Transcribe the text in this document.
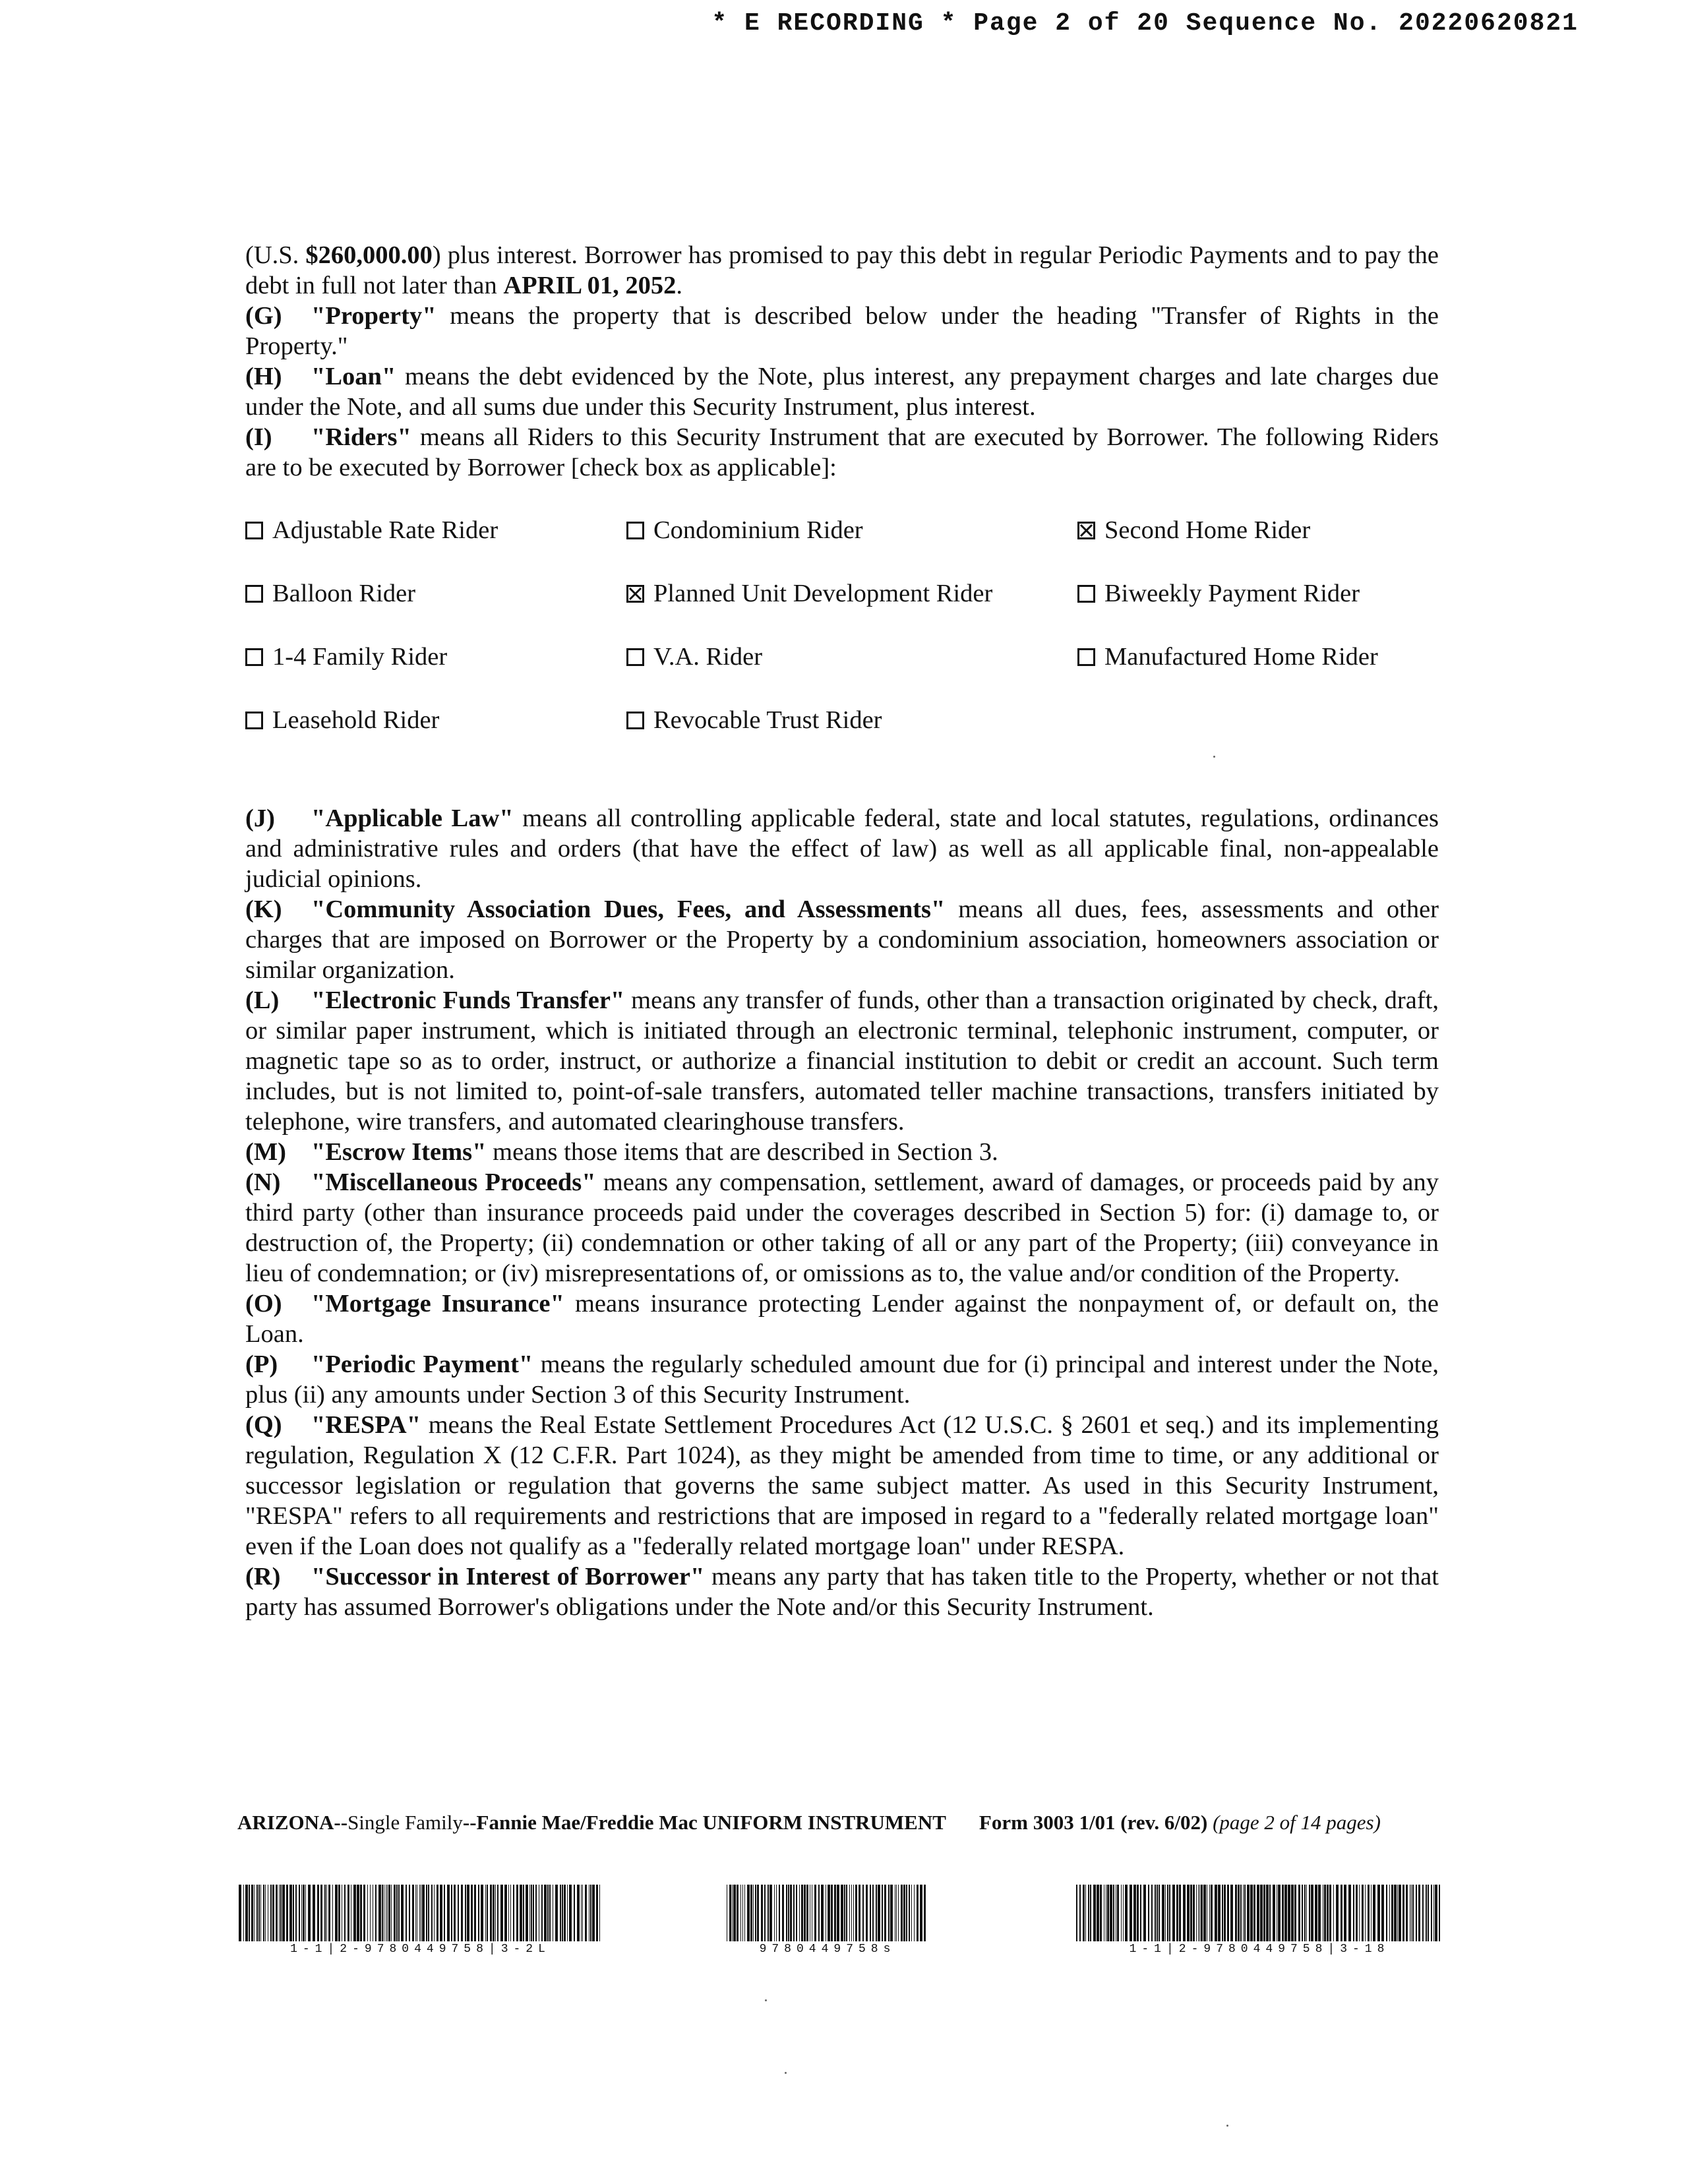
* E RECORDING * Page 2 of 20 Sequence No. 20220620821

(U.S. $260,000.00) plus interest. Borrower has promised to pay this debt in regular Periodic Payments and to pay the debt in full not later than APRIL 01, 2052.

(G) "Property" means the property that is described below under the heading "Transfer of Rights in the Property."

(H) "Loan" means the debt evidenced by the Note, plus interest, any prepayment charges and late charges due under the Note, and all sums due under this Security Instrument, plus interest.

(I) "Riders" means all Riders to this Security Instrument that are executed by Borrower. The following Riders are to be executed by Borrower [check box as applicable]:

Adjustable Rate Rider	Condominium Rider	Second Home Rider
Balloon Rider	Planned Unit Development Rider	Biweekly Payment Rider
1-4 Family Rider	V.A. Rider	Manufactured Home Rider
Leasehold Rider	Revocable Trust Rider

(J) "Applicable Law" means all controlling applicable federal, state and local statutes, regulations, ordinances and administrative rules and orders (that have the effect of law) as well as all applicable final, non-appealable judicial opinions.

(K) "Community Association Dues, Fees, and Assessments" means all dues, fees, assessments and other charges that are imposed on Borrower or the Property by a condominium association, homeowners association or similar organization.

(L) "Electronic Funds Transfer" means any transfer of funds, other than a transaction originated by check, draft, or similar paper instrument, which is initiated through an electronic terminal, telephonic instrument, computer, or magnetic tape so as to order, instruct, or authorize a financial institution to debit or credit an account. Such term includes, but is not limited to, point-of-sale transfers, automated teller machine transactions, transfers initiated by telephone, wire transfers, and automated clearinghouse transfers.

(M) "Escrow Items" means those items that are described in Section 3.

(N) "Miscellaneous Proceeds" means any compensation, settlement, award of damages, or proceeds paid by any third party (other than insurance proceeds paid under the coverages described in Section 5) for: (i) damage to, or destruction of, the Property; (ii) condemnation or other taking of all or any part of the Property; (iii) conveyance in lieu of condemnation; or (iv) misrepresentations of, or omissions as to, the value and/or condition of the Property.

(O) "Mortgage Insurance" means insurance protecting Lender against the nonpayment of, or default on, the Loan.

(P) "Periodic Payment" means the regularly scheduled amount due for (i) principal and interest under the Note, plus (ii) any amounts under Section 3 of this Security Instrument.

(Q) "RESPA" means the Real Estate Settlement Procedures Act (12 U.S.C. § 2601 et seq.) and its implementing regulation, Regulation X (12 C.F.R. Part 1024), as they might be amended from time to time, or any additional or successor legislation or regulation that governs the same subject matter. As used in this Security Instrument, "RESPA" refers to all requirements and restrictions that are imposed in regard to a "federally related mortgage loan" even if the Loan does not qualify as a "federally related mortgage loan" under RESPA.

(R) "Successor in Interest of Borrower" means any party that has taken title to the Property, whether or not that party has assumed Borrower's obligations under the Note and/or this Security Instrument.

ARIZONA--Single Family--Fannie Mae/Freddie Mac UNIFORM INSTRUMENT Form 3003 1/01 (rev. 6/02) (page 2 of 14 pages)
1-1|2-9780449758|3-2L	9780449758s	1-1|2-9780449758|3-18
